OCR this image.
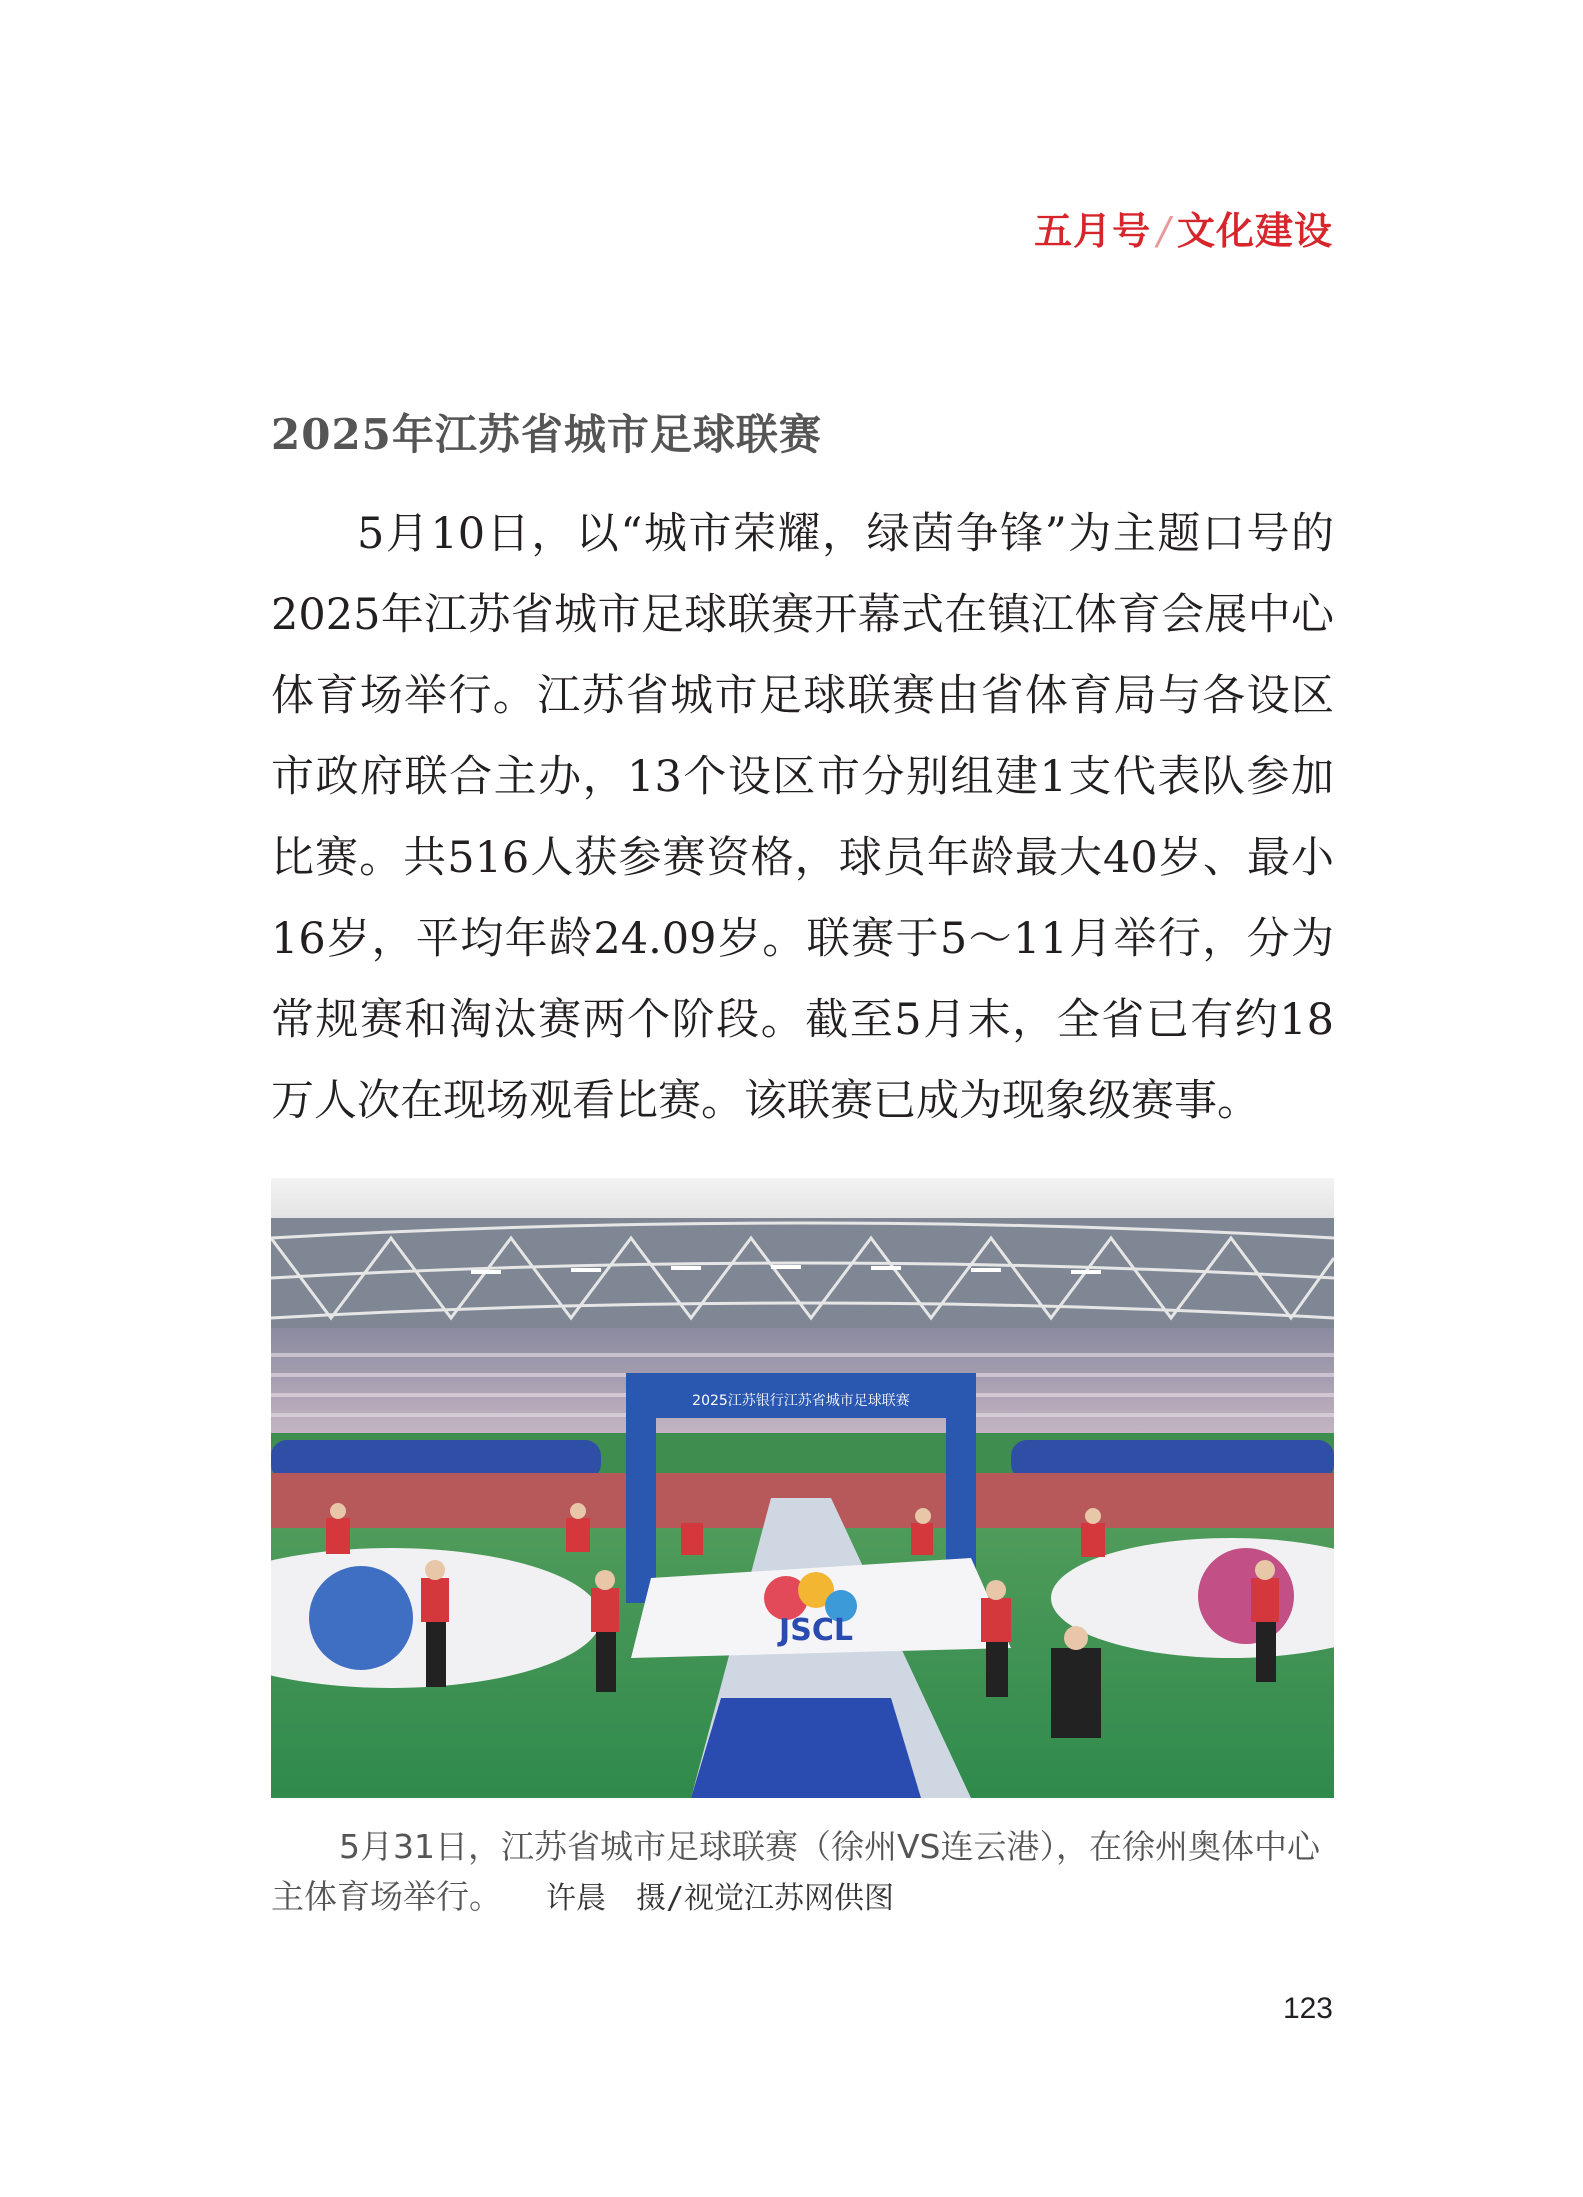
五月号 / 文化建设
2025年江苏省城市足球联赛
5月10日，以“城市荣耀，绿茵争锋”为主题口号的2025年江苏省城市足球联赛开幕式在镇江体育会展中心体育场举行。江苏省城市足球联赛由省体育局与各设区市政府联合主办，13个设区市分别组建1支代表队参加比赛。共516人获参赛资格，球员年龄最大40岁、最小16岁，平均年龄24.09岁。联赛于5～11月举行，分为常规赛和淘汰赛两个阶段。截至5月末，全省已有约18万人次在现场观看比赛。该联赛已成为现象级赛事。
2025江苏银行江苏省城市足球联赛
JSCL
5月31日，江苏省城市足球联赛（徐州VS连云港），在徐州奥体中心主体育场举行。 许晨　摄/视觉江苏网供图
123
